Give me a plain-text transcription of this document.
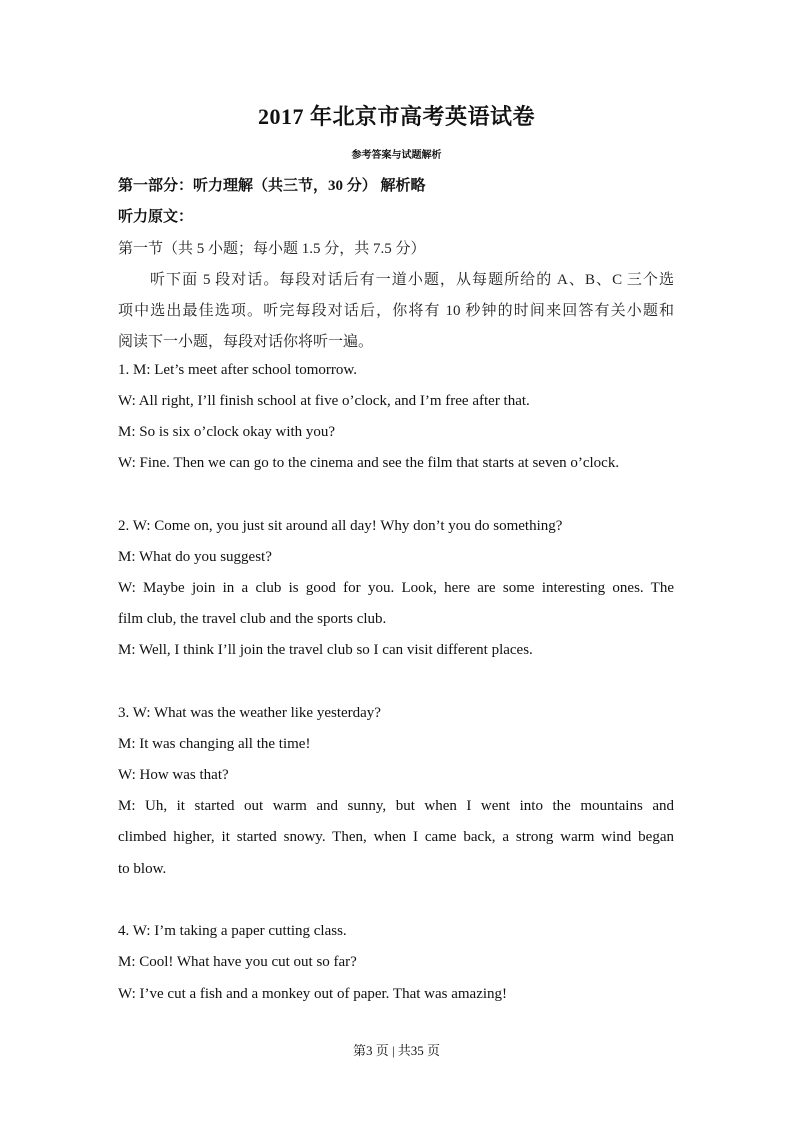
2017 年北京市高考英语试卷
参考答案与试题解析
第一部分：听力理解（共三节，30 分） 解析略
听力原文：
第一节（共 5 小题；每小题 1.5 分，共 7.5 分）
听下面 5 段对话。每段对话后有一道小题，从每题所给的 A、B、C 三个选
项中选出最佳选项。听完每段对话后，你将有 10 秒钟的时间来回答有关小题和
阅读下一小题，每段对话你将听一遍。
1. M: Let’s meet after school tomorrow.
W: All right, I’ll finish school at five o’clock, and I’m free after that.
M: So is six o’clock okay with you?
W: Fine. Then we can go to the cinema and see the film that starts at seven o’clock.
2. W: Come on, you just sit around all day! Why don’t you do something?
M: What do you suggest?
W: Maybe join in a club is good for you. Look, here are some interesting ones. The
film club, the travel club and the sports club.
M: Well, I think I’ll join the travel club so I can visit different places.
3. W: What was the weather like yesterday?
M: It was changing all the time!
W: How was that?
M: Uh, it started out warm and sunny, but when I went into the mountains and
climbed higher, it started snowy. Then, when I came back, a strong warm wind began
to blow.
4. W: I’m taking a paper cutting class.
M: Cool! What have you cut out so far?
W: I’ve cut a fish and a monkey out of paper. That was amazing!
第3 页 | 共35 页
